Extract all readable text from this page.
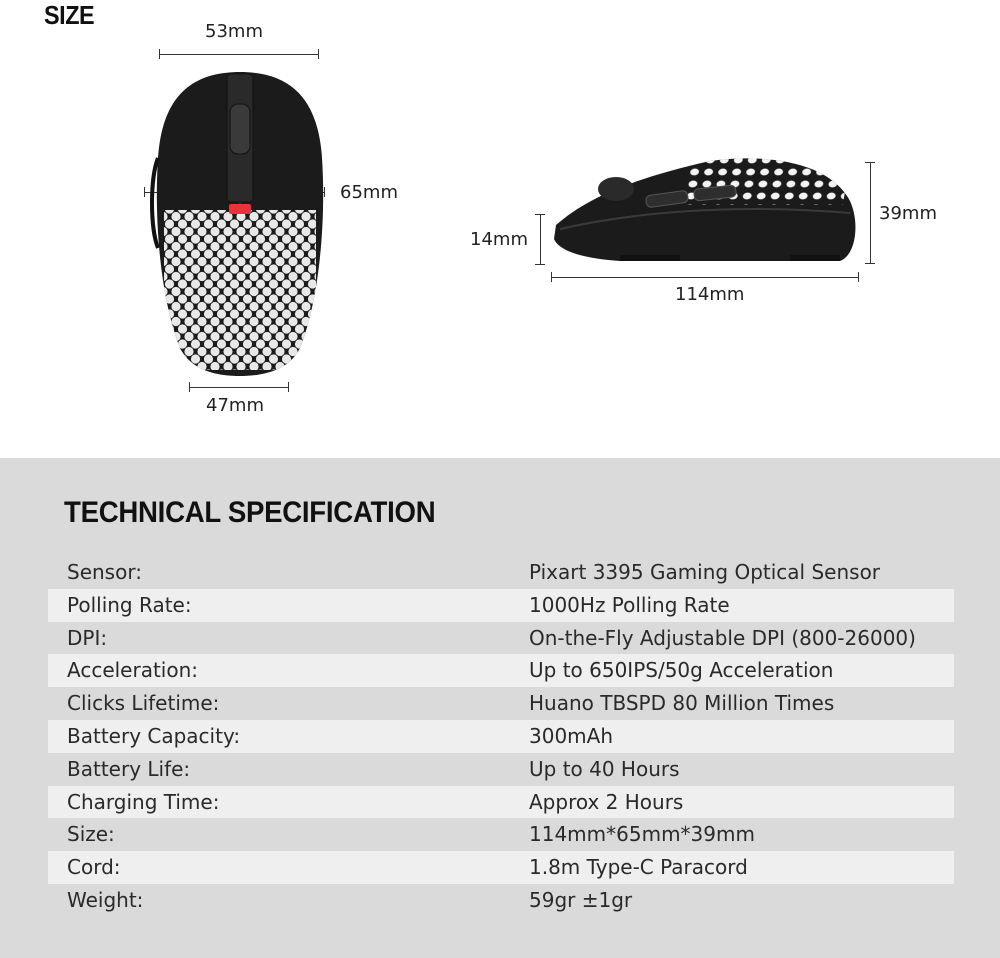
SIZE
53mm
65mm
47mm
39mm
14mm
114mm
TECHNICAL SPECIFICATION
Sensor:	Pixart 3395 Gaming Optical Sensor
Polling Rate:	1000Hz Polling Rate
DPI:	On-the-Fly Adjustable DPI (800-26000)
Acceleration:	Up to 650IPS/50g Acceleration
Clicks Lifetime:	Huano TBSPD 80 Million Times
Battery Capacity:	300mAh
Battery Life:	Up to 40 Hours
Charging Time:	Approx 2 Hours
Size:	114mm*65mm*39mm
Cord:	1.8m Type-C Paracord
Weight:	59gr ±1gr
